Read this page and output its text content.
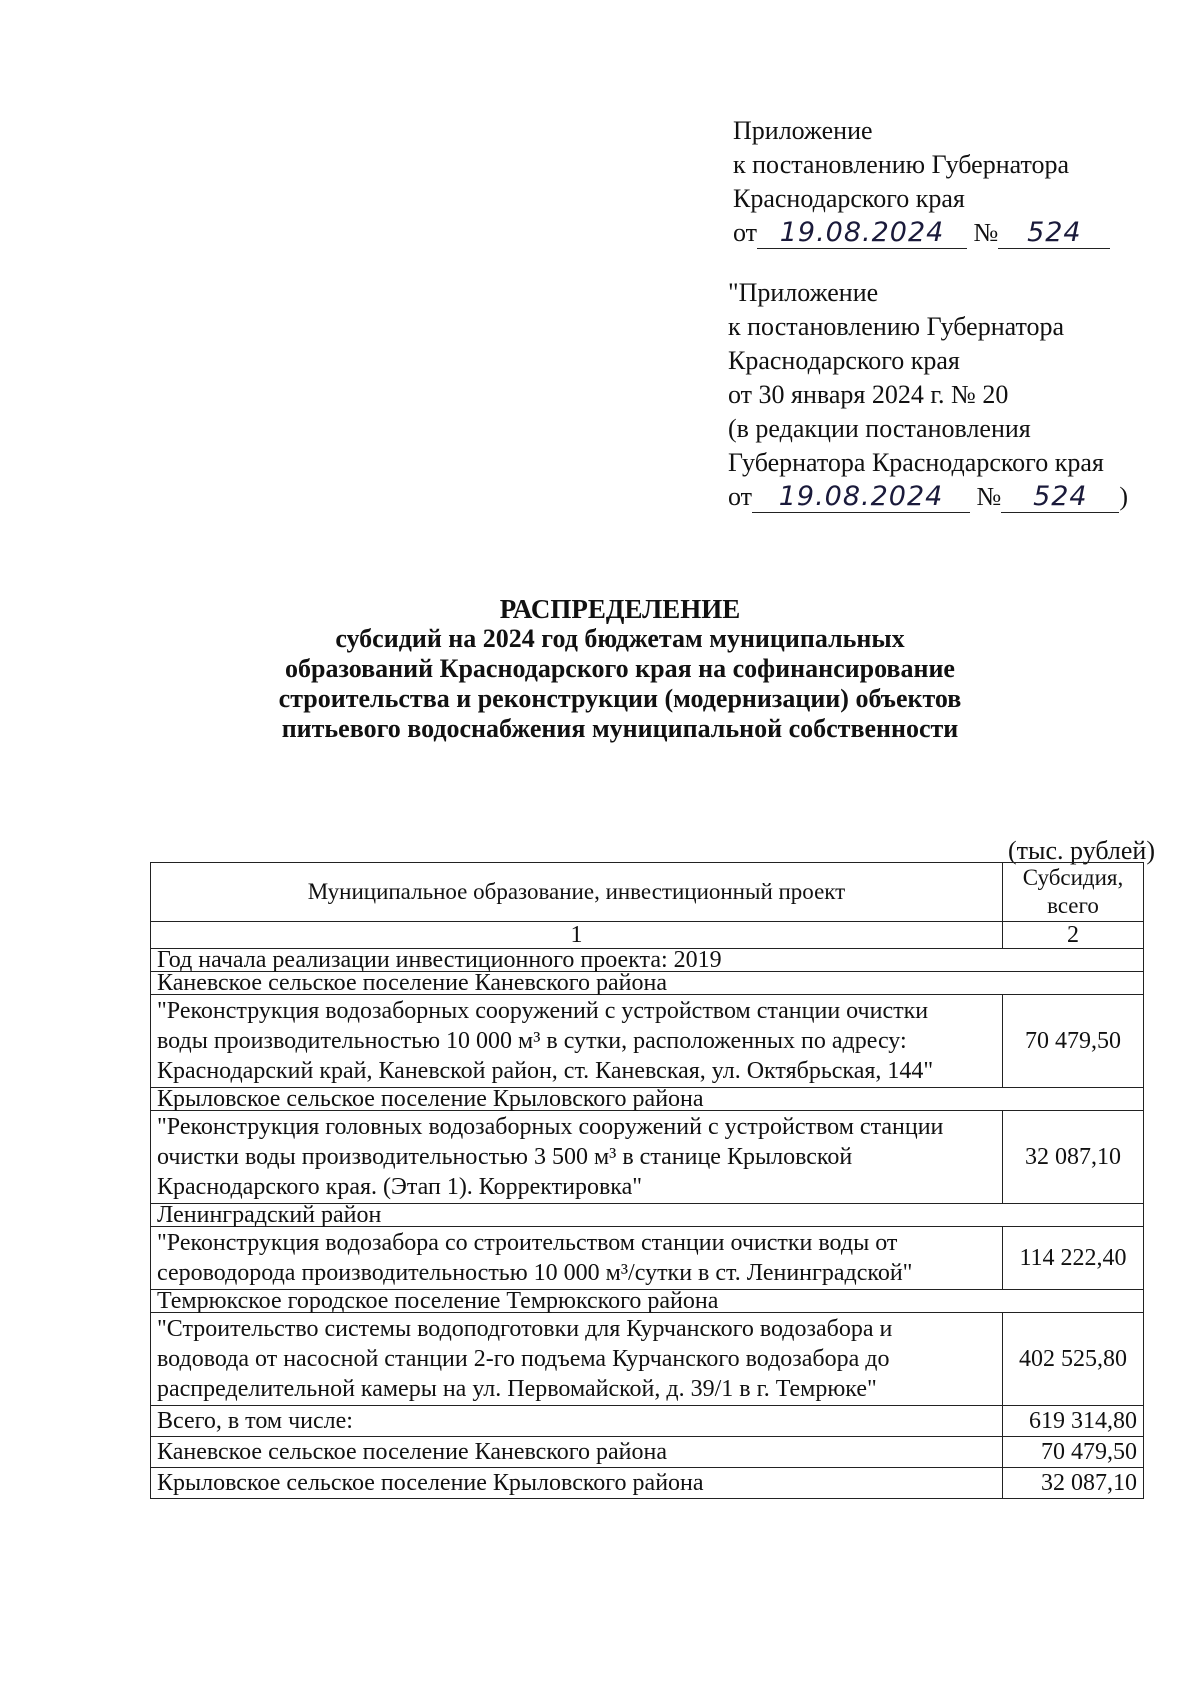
Приложение
к постановлению Губернатора
Краснодарского края
от 19.08.2024 № 524
"Приложение
к постановлению Губернатора
Краснодарского края
от 30 января 2024 г. № 20
(в редакции постановления
Губернатора Краснодарского края
от 19.08.2024 № 524 )
РАСПРЕДЕЛЕНИЕ
субсидий на 2024 год бюджетам муниципальных
образований Краснодарского края на софинансирование
строительства и реконструкции (модернизации) объектов
питьевого водоснабжения муниципальной собственности
(тыс. рублей)
Муниципальное образование, инвестиционный проект	Субсидия,
всего

1	2
Год начала реализации инвестиционного проекта: 2019	
Каневское сельское поселение Каневского района	

"Реконструкция водозаборных сооружений с устройством станции очистки
воды производительностью 10 000 м³ в сутки, расположенных по адресу:
Краснодарский край, Каневской район, ст. Каневская, ул. Октябрьская, 144"	70 479,50
Крыловское сельское поселение Крыловского района	

"Реконструкция головных водозаборных сооружений с устройством станции
очистки воды производительностью 3 500 м³ в станице Крыловской
Краснодарского края. (Этап 1). Корректировка"	32 087,10
Ленинградский район	

"Реконструкция водозабора со строительством станции очистки воды от
сероводорода производительностью 10 000 м³/сутки в ст. Ленинградской"	114 222,40
Темрюкское городское поселение Темрюкского района	

"Строительство системы водоподготовки для Курчанского водозабора и
водовода от насосной станции 2-го подъема Курчанского водозабора до
распределительной камеры на ул. Первомайской, д. 39/1 в г. Темрюке"	402 525,80
Всего, в том числе:	619 314,80
Каневское сельское поселение Каневского района	70 479,50
Крыловское сельское поселение Крыловского района	32 087,10
